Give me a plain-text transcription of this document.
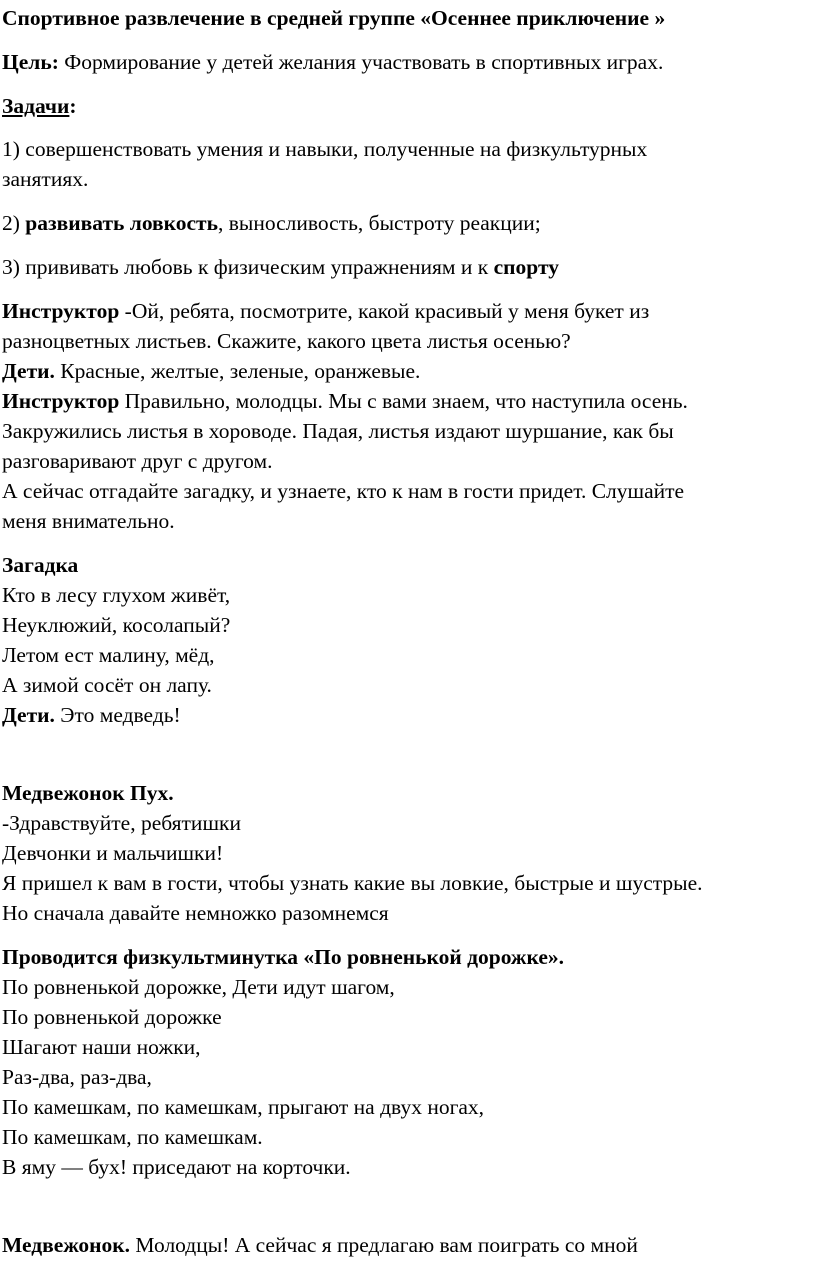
Спортивное развлечение в средней группе «Осеннее приключение »
Цель: Формирование у детей желания участвовать в спортивных играх.
Задачи:
1) совершенствовать умения и навыки, полученные на физкультурных
занятиях.
2) развивать ловкость, выносливость, быстроту реакции;
3) прививать любовь к физическим упражнениям и к спорту
Инструктор -Ой, ребята, посмотрите, какой красивый у меня букет из
разноцветных листьев. Скажите, какого цвета листья осенью?
Дети. Красные, желтые, зеленые, оранжевые.
Инструктор Правильно, молодцы. Мы с вами знаем, что наступила осень.
Закружились листья в хороводе. Падая, листья издают шуршание, как бы
разговаривают друг с другом.
А сейчас отгадайте загадку, и узнаете, кто к нам в гости придет. Слушайте
меня внимательно.
Загадка
Кто в лесу глухом живёт,
Неуклюжий, косолапый?
Летом ест малину, мёд,
А зимой сосёт он лапу.
Дети. Это медведь!
Медвежонок Пух.
-Здравствуйте, ребятишки
Девчонки и мальчишки!
Я пришел к вам в гости, чтобы узнать какие вы ловкие, быстрые и шустрые.
Но сначала давайте немножко разомнемся
Проводится физкультминутка «По ровненькой дорожке».
По ровненькой дорожке, Дети идут шагом,
По ровненькой дорожке
Шагают наши ножки,
Раз-два, раз-два,
По камешкам, по камешкам, прыгают на двух ногах,
По камешкам, по камешкам.
В яму — бух! приседают на корточки.
Медвежонок. Молодцы! А сейчас я предлагаю вам поиграть со мной
